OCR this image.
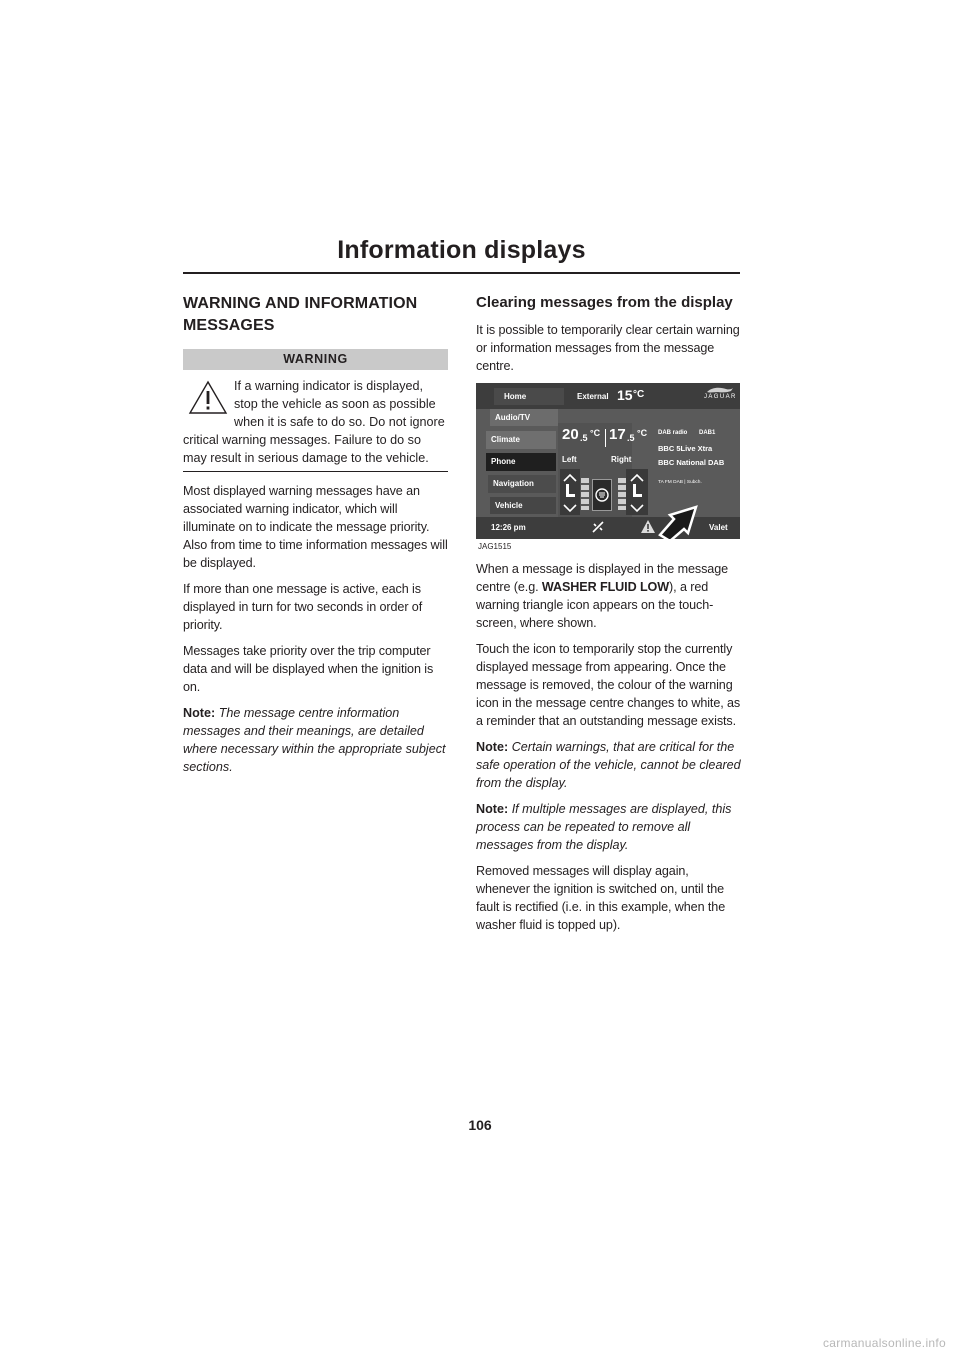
Information displays
WARNING AND INFORMATION MESSAGES
WARNING
If a warning indicator is displayed, stop the vehicle as soon as possible when it is safe to do so. Do not ignore
critical warning messages. Failure to do so may result in serious damage to the vehicle.

Most displayed warning messages have an associated warning indicator, which will illuminate on to indicate the message priority. Also from time to time information messages will be displayed.

If more than one message is active, each is displayed in turn for two seconds in order of priority.

Messages take priority over the trip computer data and will be displayed when the ignition is on.

Note: The message centre information messages and their meanings, are detailed where necessary within the appropriate subject sections.

Clearing messages from the display

It is possible to temporarily clear certain warning or information messages from the message centre.

Home	External 15 °C	JAGUAR
Audio/TV
Climate
Phone
Navigation
Vehicle
20 .5 °C 17 .5 °C
Left	Right
DAB radio DAB1
BBC 5Live Xtra
BBC National DAB
TA FM DAB | Subch.
12:26 pm	Valet
JAG1515

When a message is displayed in the message centre (e.g. WASHER FLUID LOW), a red warning triangle icon appears on the touch-screen, where shown.

Touch the icon to temporarily stop the currently displayed message from appearing. Once the message is removed, the colour of the warning icon in the message centre changes to white, as a reminder that an outstanding message exists.

Note: Certain warnings, that are critical for the safe operation of the vehicle, cannot be cleared from the display.

Note: If multiple messages are displayed, this process can be repeated to remove all messages from the display.

Removed messages will display again, whenever the ignition is switched on, until the fault is rectified (i.e. in this example, when the washer fluid is topped up).

106
carmanualsonline.info
